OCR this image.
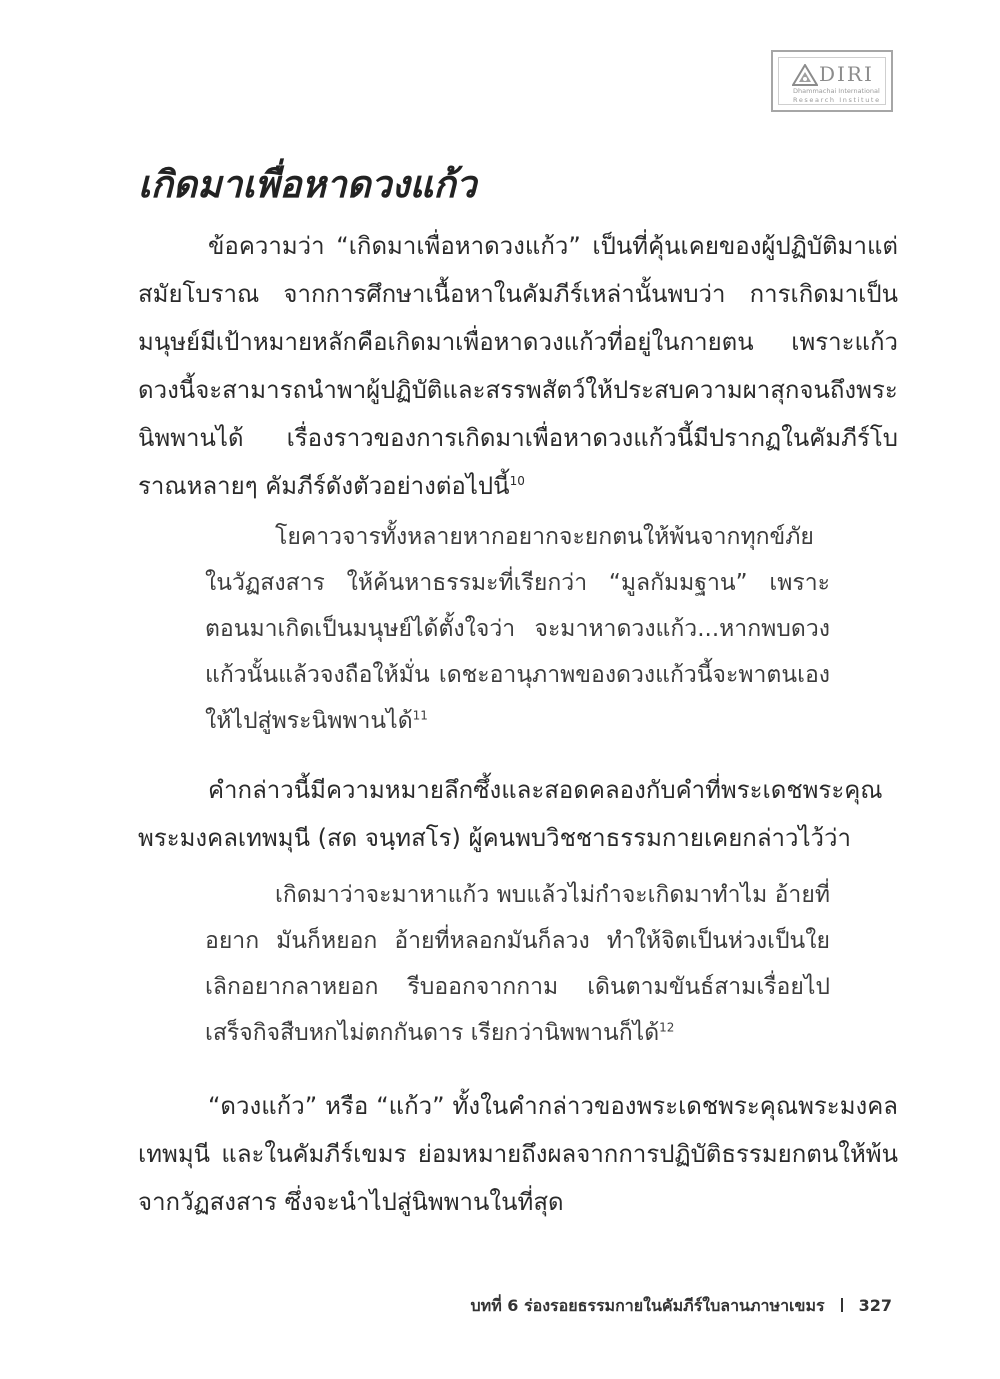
DIRI
Dhammachai International
Research Institute
เกิดมาเพื่อหาดวงแก้ว

ข้อความว่า “เกิดมาเพื่อหาดวงแก้ว” เป็นที่คุ้นเคยของผู้ปฏิบัติมาแต่สมัยโบราณ จากการศึกษาเนื้อหาในคัมภีร์เหล่านั้นพบว่า การเกิดมาเป็นมนุษย์มีเป้าหมายหลักคือเกิดมาเพื่อหาดวงแก้วที่อยู่ในกายตน เพราะแก้วดวงนี้จะสามารถนำพาผู้ปฏิบัติและสรรพสัตว์ให้ประสบความผาสุกจนถึงพระนิพพานได้ เรื่องราวของการเกิดมาเพื่อหาดวงแก้วนี้มีปรากฏในคัมภีร์โบราณหลายๆ คัมภีร์ดังตัวอย่างต่อไปนี้$^{10}$

โยคาวจารทั้งหลายหากอยากจะยกตนให้พ้นจากทุกข์ภัยในวัฏสงสาร ให้ค้นหาธรรมะที่เรียกว่า “มูลกัมมฐาน” เพราะตอนมาเกิดเป็นมนุษย์ได้ตั้งใจว่า จะมาหาดวงแก้ว...หากพบดวงแก้วนั้นแล้วจงถือให้มั่น เดชะอานุภาพของดวงแก้วนี้จะพาตนเองให้ไปสู่พระนิพพานได้$^{11}$

คำกล่าวนี้มีความหมายลึกซึ้งและสอดคลองกับคำที่พระเดชพระคุณพระมงคลเทพมุนี (สด จนฺทสโร) ผู้คนพบวิชชาธรรมกายเคยกล่าวไว้ว่า

เกิดมาว่าจะมาหาแก้ว พบแล้วไม่กำจะเกิดมาทำไม อ้ายที่อยาก มันก็หยอก อ้ายที่หลอกมันก็ลวง ทำให้จิตเป็นห่วงเป็นใย เลิกอยากลาหยอก รีบออกจากกาม เดินตามขันธ์สามเรื่อยไป เสร็จกิจสืบหกไม่ตกกันดาร เรียกว่านิพพานก็ได้$^{12}$

“ดวงแก้ว” หรือ “แก้ว” ทั้งในคำกล่าวของพระเดชพระคุณพระมงคลเทพมุนี และในคัมภีร์เขมร ย่อมหมายถึงผลจากการปฏิบัติธรรมยกตนให้พ้นจากวัฏสงสาร ซึ่งจะนำไปสู่นิพพานในที่สุด

บทที่ 6 ร่องรอยธรรมกายในคัมภีร์ใบลานภาษาเขมร 327
